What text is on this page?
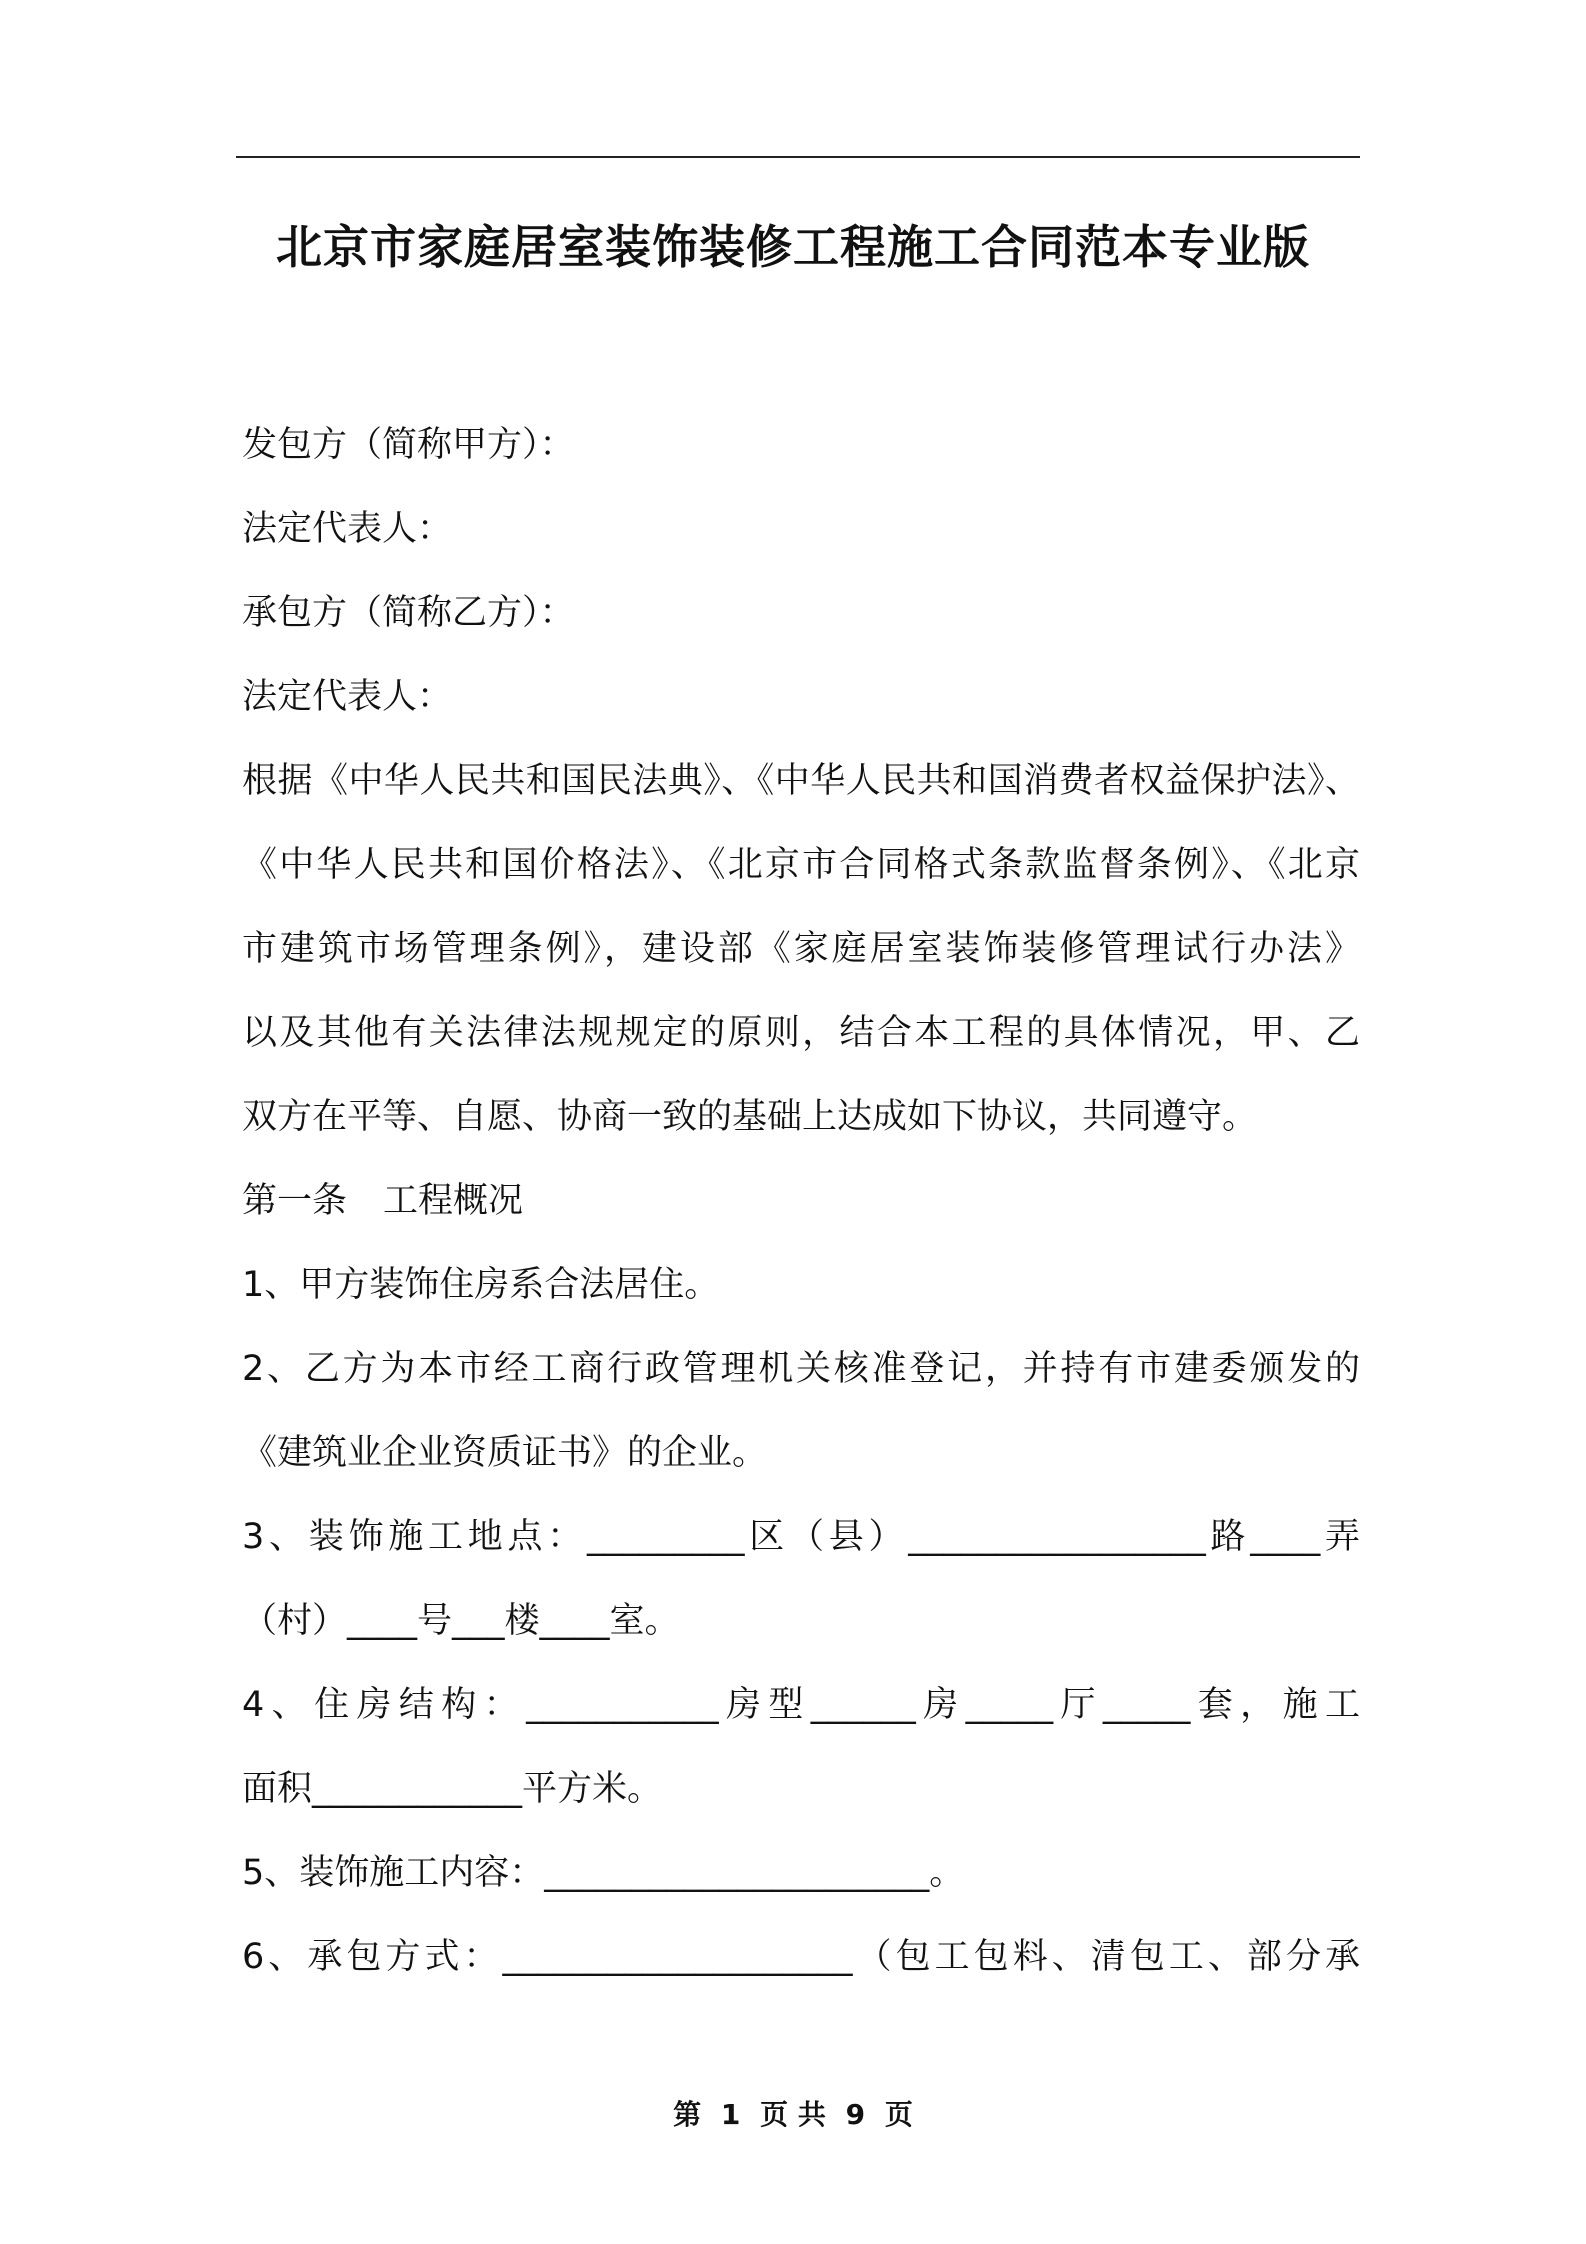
北京市家庭居室装饰装修工程施工合同范本专业版
发包方（简称甲方）：
法定代表人：
承包方（简称乙方）：
法定代表人：
根据《中华人民共和国民法典》、《中华人民共和国消费者权益保护法》、
《中华人民共和国价格法》、《北京市合同格式条款监督条例》、《北京
市建筑市场管理条例》，建设部《家庭居室装饰装修管理试行办法》
以及其他有关法律法规规定的原则，结合本工程的具体情况，甲、乙
双方在平等、自愿、协商一致的基础上达成如下协议，共同遵守。
第一条 工程概况
1、甲方装饰住房系合法居住。
2、乙方为本市经工商行政管理机关核准登记，并持有市建委颁发的
《建筑业企业资质证书》的企业。
3、装饰施工地点：_________区（县）_________________路____弄
（村）____号___楼____室。
4、住房结构：___________房型______房_____厅_____套，施工
面积____________平方米。
5、装饰施工内容：______________________。
6、承包方式：____________________（包工包料、清包工、部分承
第 1 页 共 9 页
